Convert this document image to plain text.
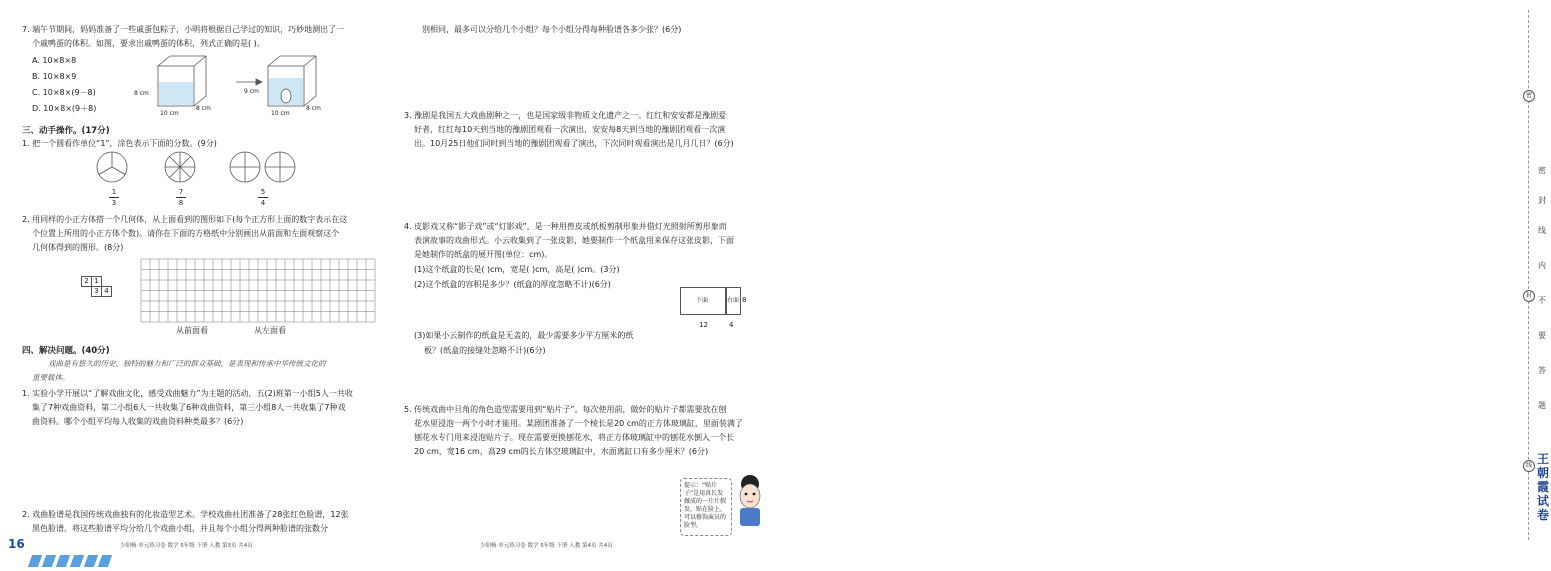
7. 端午节期间，妈妈准备了一些戚蛋包粽子，小明将根据自己学过的知识，巧妙地测出了一
个戚鸭蛋的体积。如图，要求出戚鸭蛋的体积，列式正确的是( )。
A. 10×8×8
B. 10×8×9
C. 10×8×(9－8)
D. 10×8×(9＋8)
8 cm
10 cm
8 cm
9 cm
10 cm
8 cm
三、动手操作。(17分)
1. 把一个圆看作单位“1”，涂色表示下面的分数。(9分)
1
3
7
8
5
4
2. 用同样的小正方体搭一个几何体，从上面看到的图形如下(每个正方形上面的数字表示在这
个位置上所用的小正方体个数)。请你在下面的方格纸中分别画出从前面和左面观察这个
几何体得到的图形。(8分)
2 1
3 4
从前面看	从左面看
四、解决问题。(40分)
戏曲是有悠久的历史、独特的魅力和广泛的群众基础，是表现和传承中华传统文化的
重要载体。
1. 实验小学开展以“了解戏曲文化，感受戏曲魅力”为主题的活动，五(2)班第一小组5人一共收
集了7种戏曲资料，第二小组6人一共收集了6种戏曲资料，第三小组8人一共收集了7种戏
曲资料。哪个小组平均每人收集的戏曲资料种类最多？(6分)
2. 戏曲脸谱是我国传统戏曲独有的化妆造型艺术。学校戏曲社团准备了28张红色脸谱，12张
黑色脸谱。将这些脸谱平均分给几个戏曲小组，并且每个小组分得两种脸谱的张数分
16	少阳畅·单元练习卷 数学 5年级 下册 人教 第3页 共4页
别相同，最多可以分给几个小组？每个小组分得每种脸谱各多少张？(6分)
3. 豫剧是我国五大戏曲剧种之一，也是国家级非物质文化遗产之一。红红和安安都是豫剧爱
好者，红红每10天到当地的豫剧团观看一次演出，安安每8天到当地的豫剧团观看一次演
出。10月25日他们同时到当地的豫剧团观看了演出，下次同时观看演出是几月几日？(6分)
4. 皮影戏又称“影子戏”或“灯影戏”，是一种用兽皮或纸板剪制形象并借灯光照射所剪形象而
表演故事的戏曲形式。小云收集到了一张皮影，她要制作一个纸盒用来保存这张皮影，下面
是她制作的纸盒的展开图(单位：cm)。
(1)这个纸盒的长是( )cm，宽是( )cm，高是( )cm。(3分)
(2)这个纸盒的容积是多少？(纸盒的厚度忽略不计)(6分)
(3)如果小云制作的纸盒是无盖的，最少需要多少平方厘米的纸
板？(纸盒的接缝处忽略不计)(6分)
下面	右面 8
12	4
5. 传统戏曲中旦角的角色造型需要用到“贴片子”。每次使用前，做好的贴片子都需要放在刨
花水里浸泡一两个小时才能用。某剧团准备了一个棱长是20 cm的正方体玻璃缸，里面装满了
刨花水专门用来浸泡贴片子。现在需要更换刨花水，将正方体玻璃缸中的刨花水倒入一个长
20 cm，宽16 cm，高29 cm的长方体空玻璃缸中，水面离缸口有多少厘米？(6分)
提示：“贴片子”是用真长发做成的一片片假发，贴在脸上，可以修饰演员的脸型。
少阳畅·单元练习卷 数学 5年级 下册 人教 第4页 共4页
密
封
线
密
封
线
内
不
要
答
题
王朝霞试卷
